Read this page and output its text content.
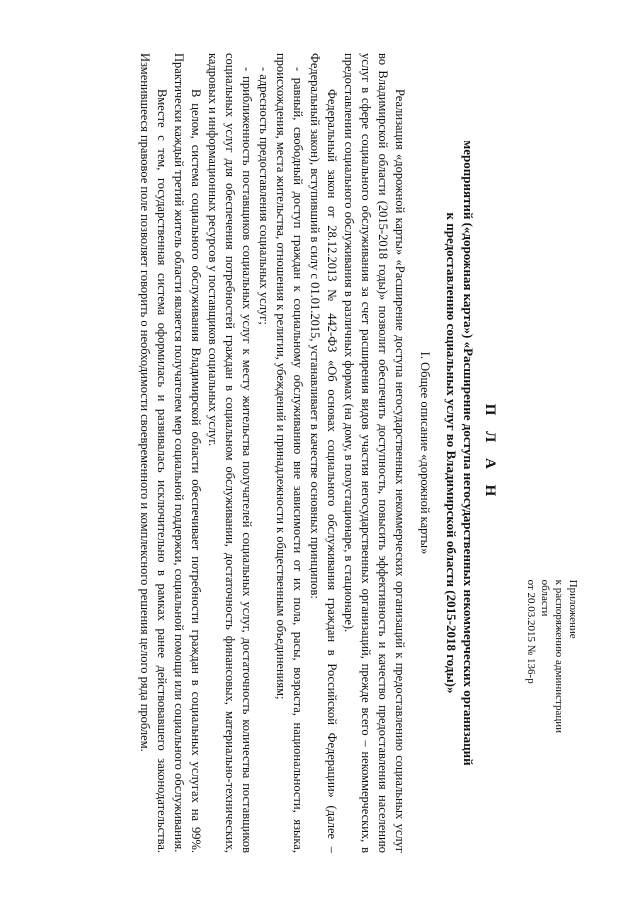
Приложение
к распоряжению администрации
области
от 20.03.2015 № 136-р
П Л А Н
мероприятий («дорожная карта») «Расширение доступа негосударственных некоммерческих организаций
к предоставлению социальных услуг во Владимирской области (2015-2018 годы)»
I. Общее описание «дорожной карты»

Реализация «дорожной карты» «Расширение доступа негосударственных некоммерческих организаций к предоставлению социальных услуг во Владимирской области (2015-2018 годы)» позволит обеспечить доступность, повысить эффективность и качество предоставления населению услуг в сфере социального обслуживания за счет расширения видов участия негосударственных организаций, прежде всего – некоммерческих, в предоставлении социального обслуживания в различных формах (на дому, в полустационаре, в стационаре).

Федеральный закон от 28.12.2013 № 442-ФЗ «Об основах социального обслуживания граждан в Российской Федерации» (далее – Федеральный закон), вступивший в силу с 01.01.2015, устанавливает в качестве основных принципов:

- равный, свободный доступ граждан к социальному обслуживанию вне зависимости от их пола, расы, возраста, национальности, языка, происхождения, места жительства, отношения к религии, убеждений и принадлежности к общественным объединениям;

- адресность предоставления социальных услуг;

- приближенность поставщиков социальных услуг к месту жительства получателей социальных услуг, достаточность количества поставщиков социальных услуг для обеспечения потребностей граждан в социальном обслуживании, достаточность финансовых, материально-технических, кадровых и информационных ресурсов у поставщиков социальных услуг.

В целом, система социального обслуживания Владимирской области обеспечивает потребности граждан в социальных услугах на 99%. Практически каждый третий житель области является получателем мер социальной поддержки, социальной помощи или социального обслуживания.

Вместе с тем, государственная система оформилась и развивалась исключительно в рамках ранее действовавшего законодательства. Изменившееся правовое поле позволяет говорить о необходимости своевременного и комплексного решения целого ряда проблем.
